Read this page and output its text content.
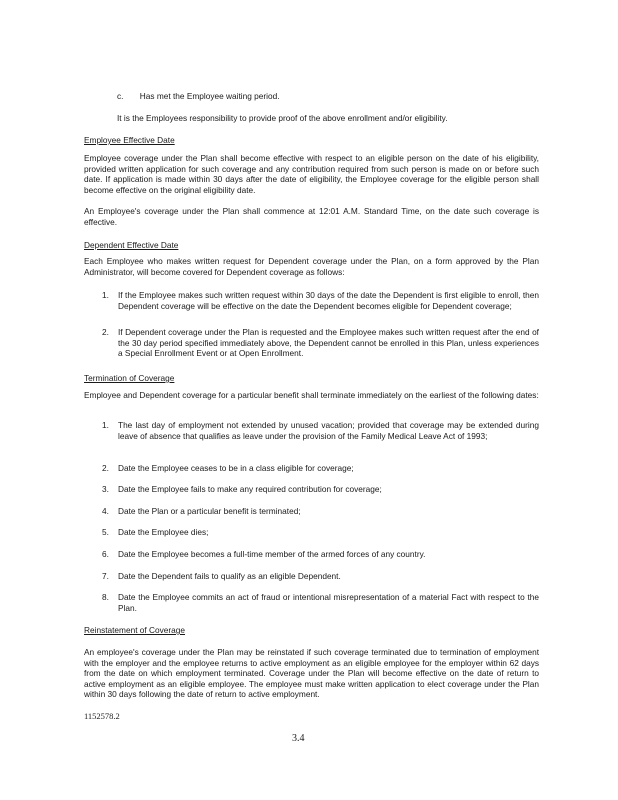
c. Has met the Employee waiting period.
It is the Employees responsibility to provide proof of the above enrollment and/or eligibility.
Employee Effective Date

Employee coverage under the Plan shall become effective with respect to an eligible person on the date of his eligibility, provided written application for such coverage and any contribution required from such person is made on or before such date. If application is made within 30 days after the date of eligibility, the Employee coverage for the eligible person shall become effective on the original eligibility date.

An Employee's coverage under the Plan shall commence at 12:01 A.M. Standard Time, on the date such coverage is effective.

Dependent Effective Date

Each Employee who makes written request for Dependent coverage under the Plan, on a form approved by the Plan Administrator, will become covered for Dependent coverage as follows:

1. If the Employee makes such written request within 30 days of the date the Dependent is first eligible to enroll, then Dependent coverage will be effective on the date the Dependent becomes eligible for Dependent coverage;
2. If Dependent coverage under the Plan is requested and the Employee makes such written request after the end of the 30 day period specified immediately above, the Dependent cannot be enrolled in this Plan, unless experiences a Special Enrollment Event or at Open Enrollment.
Termination of Coverage

Employee and Dependent coverage for a particular benefit shall terminate immediately on the earliest of the following dates:

1. The last day of employment not extended by unused vacation; provided that coverage may be extended during leave of absence that qualifies as leave under the provision of the Family Medical Leave Act of 1993;
2. Date the Employee ceases to be in a class eligible for coverage;
3. Date the Employee fails to make any required contribution for coverage;
4. Date the Plan or a particular benefit is terminated;
5. Date the Employee dies;
6. Date the Employee becomes a full-time member of the armed forces of any country.
7. Date the Dependent fails to qualify as an eligible Dependent.
8. Date the Employee commits an act of fraud or intentional misrepresentation of a material Fact with respect to the Plan.
Reinstatement of Coverage

An employee's coverage under the Plan may be reinstated if such coverage terminated due to termination of employment with the employer and the employee returns to active employment as an eligible employee for the employer within 62 days from the date on which employment terminated. Coverage under the Plan will become effective on the date of return to active employment as an eligible employee. The employee must make written application to elect coverage under the Plan within 30 days following the date of return to active employment.

1152578.2
3.4
